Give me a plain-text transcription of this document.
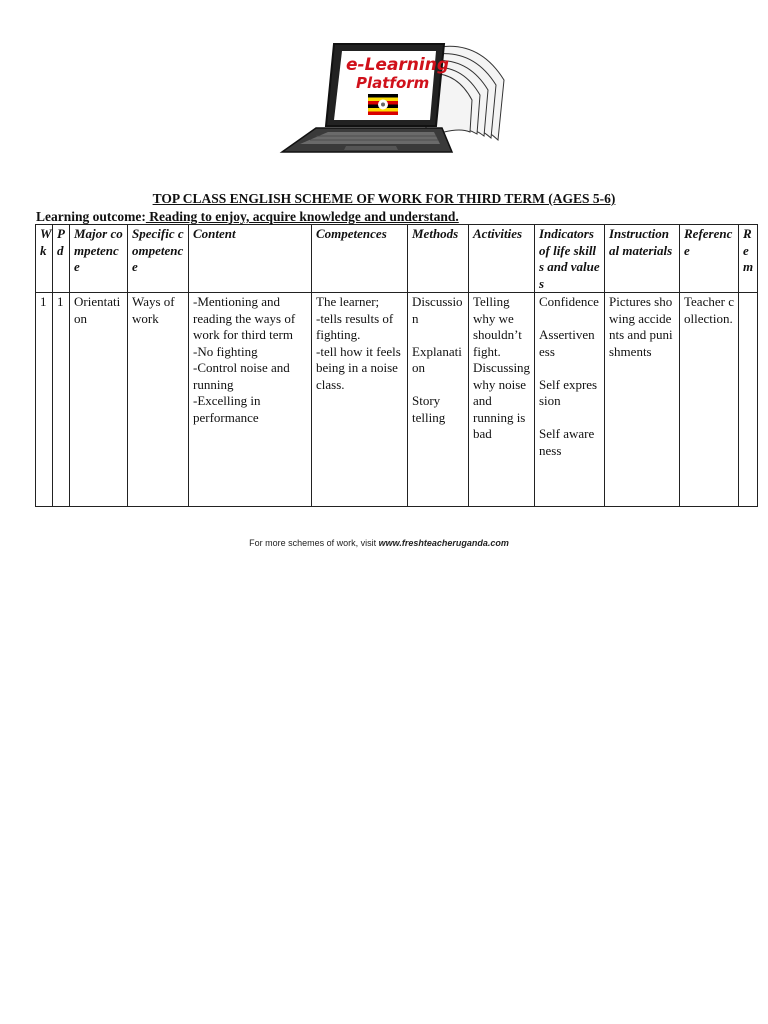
e-Learning
Platform
TOP CLASS ENGLISH SCHEME OF WORK FOR THIRD TERM (AGES 5-6)
Learning outcome: Reading to enjoy, acquire knowledge and understand.
Wk	Pd	Major competence	Specific competence	Content	Competences	Methods	Activities	Indicators of life skills and values	Instructional materials	Reference	Rem
1	1	Orientation	Ways of work	-Mentioning and reading the ways of work for third term
-No fighting
-Control noise and running
-Excelling in performance	The learner;
-tells results of fighting.
-tell how it feels being in a noise class.	Discussion

Explanation

Story telling	Telling why we shouldn’t fight. Discussing why noise and running is bad	Confidence

Assertiveness

Self expression

Self awareness	Pictures showing accidents and punishments	Teacher collection.	

For more schemes of work, visit www.freshteacheruganda.com
